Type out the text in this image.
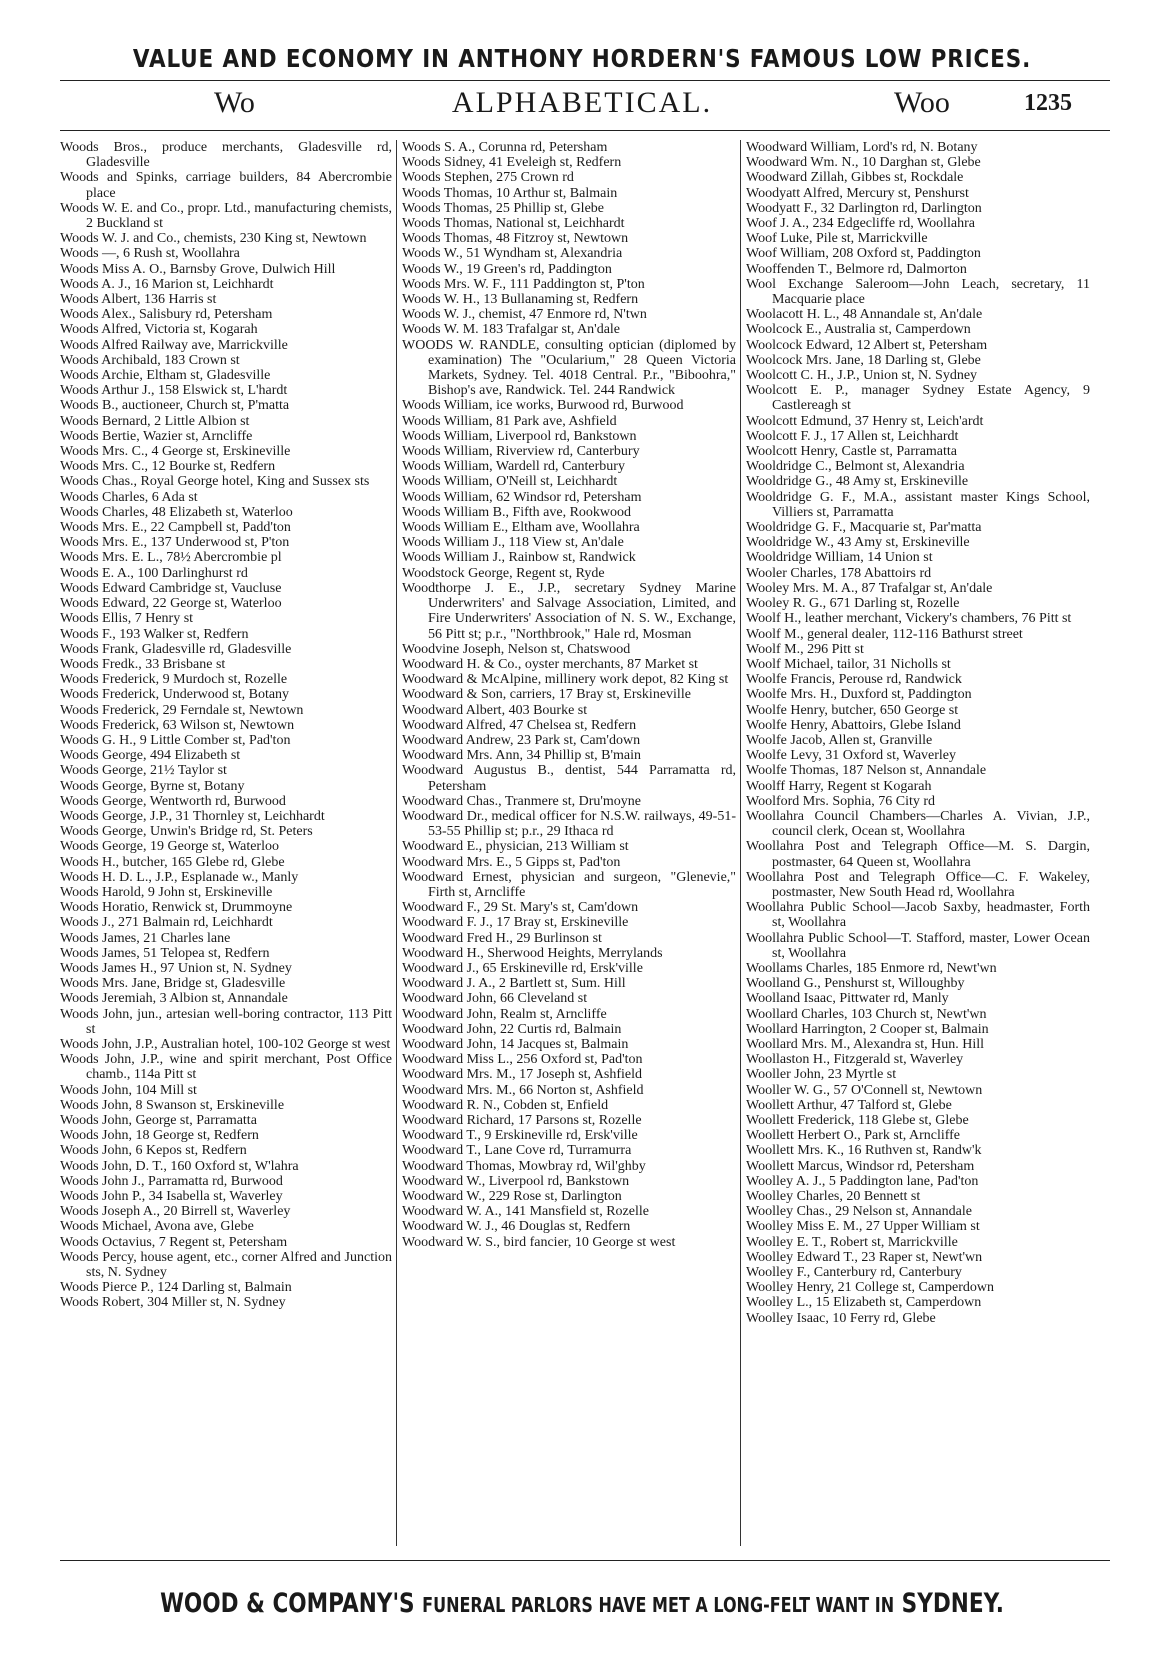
VALUE AND ECONOMY IN ANTHONY HORDERN'S FAMOUS LOW PRICES.
Wo	ALPHABETICAL.	Woo	1235
Woods Bros., produce merchants, Gladesville rd, Gladesville
Woods and Spinks, carriage builders, 84 Abercrombie place
Woods W. E. and Co., propr. Ltd., manufacturing chemists, 2 Buckland st
Woods W. J. and Co., chemists, 230 King st, Newtown
Woods —, 6 Rush st, Woollahra
Woods Miss A. O., Barnsby Grove, Dulwich Hill
Woods A. J., 16 Marion st, Leichhardt
Woods Albert, 136 Harris st
Woods Alex., Salisbury rd, Petersham
Woods Alfred, Victoria st, Kogarah
Woods Alfred Railway ave, Marrickville
Woods Archibald, 183 Crown st
Woods Archie, Eltham st, Gladesville
Woods Arthur J., 158 Elswick st, L'hardt
Woods B., auctioneer, Church st, P'matta
Woods Bernard, 2 Little Albion st
Woods Bertie, Wazier st, Arncliffe
Woods Mrs. C., 4 George st, Erskineville
Woods Mrs. C., 12 Bourke st, Redfern
Woods Chas., Royal George hotel, King and Sussex sts
Woods Charles, 6 Ada st
Woods Charles, 48 Elizabeth st, Waterloo
Woods Mrs. E., 22 Campbell st, Padd'ton
Woods Mrs. E., 137 Underwood st, P'ton
Woods Mrs. E. L., 78½ Abercrombie pl
Woods E. A., 100 Darlinghurst rd
Woods Edward Cambridge st, Vaucluse
Woods Edward, 22 George st, Waterloo
Woods Ellis, 7 Henry st
Woods F., 193 Walker st, Redfern
Woods Frank, Gladesville rd, Gladesville
Woods Fredk., 33 Brisbane st
Woods Frederick, 9 Murdoch st, Rozelle
Woods Frederick, Underwood st, Botany
Woods Frederick, 29 Ferndale st, Newtown
Woods Frederick, 63 Wilson st, Newtown
Woods G. H., 9 Little Comber st, Pad'ton
Woods George, 494 Elizabeth st
Woods George, 21½ Taylor st
Woods George, Byrne st, Botany
Woods George, Wentworth rd, Burwood
Woods George, J.P., 31 Thornley st, Leichhardt
Woods George, Unwin's Bridge rd, St. Peters
Woods George, 19 George st, Waterloo
Woods H., butcher, 165 Glebe rd, Glebe
Woods H. D. L., J.P., Esplanade w., Manly
Woods Harold, 9 John st, Erskineville
Woods Horatio, Renwick st, Drummoyne
Woods J., 271 Balmain rd, Leichhardt
Woods James, 21 Charles lane
Woods James, 51 Telopea st, Redfern
Woods James H., 97 Union st, N. Sydney
Woods Mrs. Jane, Bridge st, Gladesville
Woods Jeremiah, 3 Albion st, Annandale
Woods John, jun., artesian well-boring contractor, 113 Pitt st
Woods John, J.P., Australian hotel, 100-102 George st west
Woods John, J.P., wine and spirit merchant, Post Office chamb., 114a Pitt st
Woods John, 104 Mill st
Woods John, 8 Swanson st, Erskineville
Woods John, George st, Parramatta
Woods John, 18 George st, Redfern
Woods John, 6 Kepos st, Redfern
Woods John, D. T., 160 Oxford st, W'lahra
Woods John J., Parramatta rd, Burwood
Woods John P., 34 Isabella st, Waverley
Woods Joseph A., 20 Birrell st, Waverley
Woods Michael, Avona ave, Glebe
Woods Octavius, 7 Regent st, Petersham
Woods Percy, house agent, etc., corner Alfred and Junction sts, N. Sydney
Woods Pierce P., 124 Darling st, Balmain
Woods Robert, 304 Miller st, N. Sydney
Woods S. A., Corunna rd, Petersham
Woods Sidney, 41 Eveleigh st, Redfern
Woods Stephen, 275 Crown rd
Woods Thomas, 10 Arthur st, Balmain
Woods Thomas, 25 Phillip st, Glebe
Woods Thomas, National st, Leichhardt
Woods Thomas, 48 Fitzroy st, Newtown
Woods W., 51 Wyndham st, Alexandria
Woods W., 19 Green's rd, Paddington
Woods Mrs. W. F., 111 Paddington st, P'ton
Woods W. H., 13 Bullanaming st, Redfern
Woods W. J., chemist, 47 Enmore rd, N'twn
Woods W. M. 183 Trafalgar st, An'dale
WOODS W. RANDLE, consulting optician (diplomed by examination) The "Ocularium," 28 Queen Victoria Markets, Sydney. Tel. 4018 Central. P.r., "Biboohra," Bishop's ave, Randwick. Tel. 244 Randwick
Woods William, ice works, Burwood rd, Burwood
Woods William, 81 Park ave, Ashfield
Woods William, Liverpool rd, Bankstown
Woods William, Riverview rd, Canterbury
Woods William, Wardell rd, Canterbury
Woods William, O'Neill st, Leichhardt
Woods William, 62 Windsor rd, Petersham
Woods William B., Fifth ave, Rookwood
Woods William E., Eltham ave, Woollahra
Woods William J., 118 View st, An'dale
Woods William J., Rainbow st, Randwick
Woodstock George, Regent st, Ryde
Woodthorpe J. E., J.P., secretary Sydney Marine Underwriters' and Salvage Association, Limited, and Fire Underwriters' Association of N. S. W., Exchange, 56 Pitt st; p.r., "Northbrook," Hale rd, Mosman
Woodvine Joseph, Nelson st, Chatswood
Woodward H. & Co., oyster merchants, 87 Market st
Woodward & McAlpine, millinery work depot, 82 King st
Woodward & Son, carriers, 17 Bray st, Erskineville
Woodward Albert, 403 Bourke st
Woodward Alfred, 47 Chelsea st, Redfern
Woodward Andrew, 23 Park st, Cam'down
Woodward Mrs. Ann, 34 Phillip st, B'main
Woodward Augustus B., dentist, 544 Parramatta rd, Petersham
Woodward Chas., Tranmere st, Dru'moyne
Woodward Dr., medical officer for N.S.W. railways, 49-51-53-55 Phillip st; p.r., 29 Ithaca rd
Woodward E., physician, 213 William st
Woodward Mrs. E., 5 Gipps st, Pad'ton
Woodward Ernest, physician and surgeon, "Glenevie," Firth st, Arncliffe
Woodward F., 29 St. Mary's st, Cam'down
Woodward F. J., 17 Bray st, Erskineville
Woodward Fred H., 29 Burlinson st
Woodward H., Sherwood Heights, Merrylands
Woodward J., 65 Erskineville rd, Ersk'ville
Woodward J. A., 2 Bartlett st, Sum. Hill
Woodward John, 66 Cleveland st
Woodward John, Realm st, Arncliffe
Woodward John, 22 Curtis rd, Balmain
Woodward John, 14 Jacques st, Balmain
Woodward Miss L., 256 Oxford st, Pad'ton
Woodward Mrs. M., 17 Joseph st, Ashfield
Woodward Mrs. M., 66 Norton st, Ashfield
Woodward R. N., Cobden st, Enfield
Woodward Richard, 17 Parsons st, Rozelle
Woodward T., 9 Erskineville rd, Ersk'ville
Woodward T., Lane Cove rd, Turramurra
Woodward Thomas, Mowbray rd, Wil'ghby
Woodward W., Liverpool rd, Bankstown
Woodward W., 229 Rose st, Darlington
Woodward W. A., 141 Mansfield st, Rozelle
Woodward W. J., 46 Douglas st, Redfern
Woodward W. S., bird fancier, 10 George st west
Woodward William, Lord's rd, N. Botany
Woodward Wm. N., 10 Darghan st, Glebe
Woodward Zillah, Gibbes st, Rockdale
Woodyatt Alfred, Mercury st, Penshurst
Woodyatt F., 32 Darlington rd, Darlington
Woof J. A., 234 Edgecliffe rd, Woollahra
Woof Luke, Pile st, Marrickville
Woof William, 208 Oxford st, Paddington
Wooffenden T., Belmore rd, Dalmorton
Wool Exchange Saleroom—John Leach, secretary, 11 Macquarie place
Woolacott H. L., 48 Annandale st, An'dale
Woolcock E., Australia st, Camperdown
Woolcock Edward, 12 Albert st, Petersham
Woolcock Mrs. Jane, 18 Darling st, Glebe
Woolcott C. H., J.P., Union st, N. Sydney
Woolcott E. P., manager Sydney Estate Agency, 9 Castlereagh st
Woolcott Edmund, 37 Henry st, Leich'ardt
Woolcott F. J., 17 Allen st, Leichhardt
Woolcott Henry, Castle st, Parramatta
Wooldridge C., Belmont st, Alexandria
Wooldridge G., 48 Amy st, Erskineville
Wooldridge G. F., M.A., assistant master Kings School, Villiers st, Parramatta
Wooldridge G. F., Macquarie st, Par'matta
Wooldridge W., 43 Amy st, Erskineville
Wooldridge William, 14 Union st
Wooler Charles, 178 Abattoirs rd
Wooley Mrs. M. A., 87 Trafalgar st, An'dale
Wooley R. G., 671 Darling st, Rozelle
Woolf H., leather merchant, Vickery's chambers, 76 Pitt st
Woolf M., general dealer, 112-116 Bathurst street
Woolf M., 296 Pitt st
Woolf Michael, tailor, 31 Nicholls st
Woolfe Francis, Perouse rd, Randwick
Woolfe Mrs. H., Duxford st, Paddington
Woolfe Henry, butcher, 650 George st
Woolfe Henry, Abattoirs, Glebe Island
Woolfe Jacob, Allen st, Granville
Woolfe Levy, 31 Oxford st, Waverley
Woolfe Thomas, 187 Nelson st, Annandale
Woolff Harry, Regent st Kogarah
Woolford Mrs. Sophia, 76 City rd
Woollahra Council Chambers—Charles A. Vivian, J.P., council clerk, Ocean st, Woollahra
Woollahra Post and Telegraph Office—M. S. Dargin, postmaster, 64 Queen st, Woollahra
Woollahra Post and Telegraph Office—C. F. Wakeley, postmaster, New South Head rd, Woollahra
Woollahra Public School—Jacob Saxby, headmaster, Forth st, Woollahra
Woollahra Public School—T. Stafford, master, Lower Ocean st, Woollahra
Woollams Charles, 185 Enmore rd, Newt'wn
Woolland G., Penshurst st, Willoughby
Woolland Isaac, Pittwater rd, Manly
Woollard Charles, 103 Church st, Newt'wn
Woollard Harrington, 2 Cooper st, Balmain
Woollard Mrs. M., Alexandra st, Hun. Hill
Woollaston H., Fitzgerald st, Waverley
Wooller John, 23 Myrtle st
Wooller W. G., 57 O'Connell st, Newtown
Woollett Arthur, 47 Talford st, Glebe
Woollett Frederick, 118 Glebe st, Glebe
Woollett Herbert O., Park st, Arncliffe
Woollett Mrs. K., 16 Ruthven st, Randw'k
Woollett Marcus, Windsor rd, Petersham
Woolley A. J., 5 Paddington lane, Pad'ton
Woolley Charles, 20 Bennett st
Woolley Chas., 29 Nelson st, Annandale
Woolley Miss E. M., 27 Upper William st
Woolley E. T., Robert st, Marrickville
Woolley Edward T., 23 Raper st, Newt'wn
Woolley F., Canterbury rd, Canterbury
Woolley Henry, 21 College st, Camperdown
Woolley L., 15 Elizabeth st, Camperdown
Woolley Isaac, 10 Ferry rd, Glebe
WOOD & COMPANY'S FUNERAL PARLORS HAVE MET A LONG-FELT WANT IN SYDNEY.
